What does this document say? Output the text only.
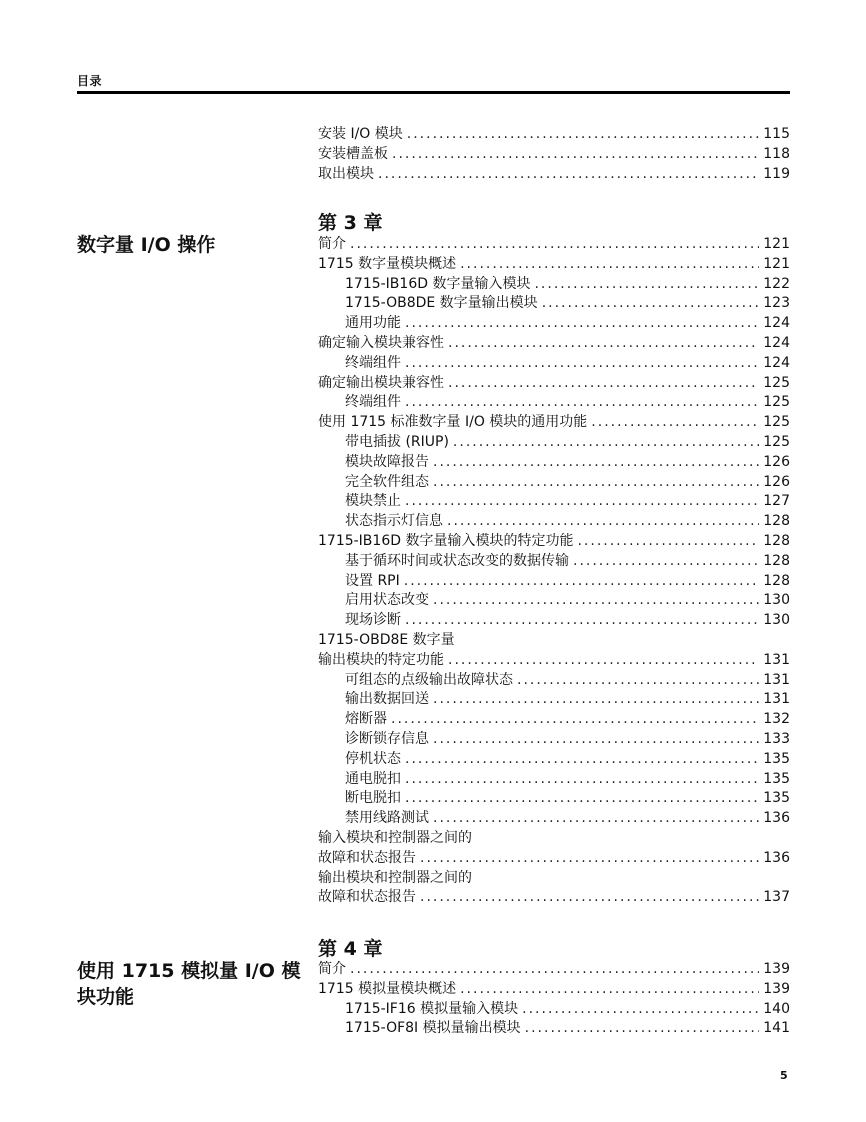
目录
安装 I/O 模块 .....	115
安装槽盖板 .....	118
取出模块 .....	119
第 3 章
数字量 I/O 操作	简介 .....	121
1715 数字量模块概述 .....	121
1715-IB16D 数字量输入模块 .....	122
1715-OB8DE 数字量输出模块 .....	123
通用功能 .....	124
确定输入模块兼容性 .....	124
终端组件 .....	124
确定输出模块兼容性 .....	125
终端组件 .....	125
使用 1715 标准数字量 I/O 模块的通用功能 .....	125
带电插拔 (RIUP) .....	125
模块故障报告 .....	126
完全软件组态 .....	126
模块禁止 .....	127
状态指示灯信息 .....	128
1715-IB16D 数字量输入模块的特定功能 .....	128
基于循环时间或状态改变的数据传输 .....	128
设置 RPI .....	128
启用状态改变 .....	130
现场诊断 .....	130
1715-OBD8E 数字量
输出模块的特定功能 .....	131
可组态的点级输出故障状态 .....	131
输出数据回送 .....	131
熔断器 .....	132
诊断锁存信息 .....	133
停机状态 .....	135
通电脱扣 .....	135
断电脱扣 .....	135
禁用线路测试 .....	136
输入模块和控制器之间的
故障和状态报告 .....	136
输出模块和控制器之间的
故障和状态报告 .....	137
第 4 章
使用 1715 模拟量 I/O 模块功能
简介 .....	139
1715 模拟量模块概述 .....	139
1715-IF16 模拟量输入模块 .....	140
1715-OF8I 模拟量输出模块 .....	141
5
